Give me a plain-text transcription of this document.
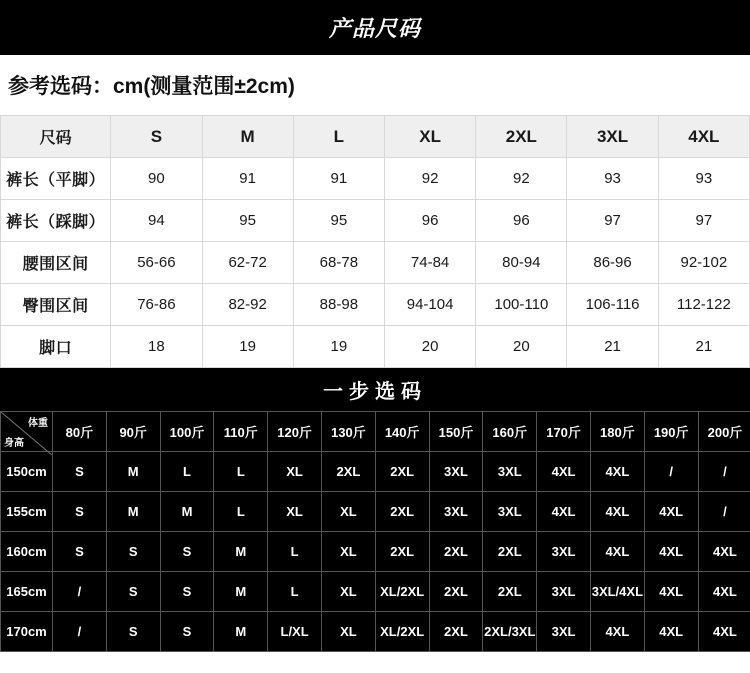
产品尺码
参考选码： cm(测量范围±2cm)
尺码	S	M	L	XL	2XL	3XL	4XL
裤长（平脚）	90	91	91	92	92	93	93
裤长（踩脚）	94	95	95	96	96	97	97
腰围区间	56-66	62-72	68-78	74-84	80-94	86-96	92-102
臀围区间	76-86	82-92	88-98	94-104	100-110	106-116	112-122
脚口	18	19	19	20	20	21	21
一步选码
体重
身高	80斤	90斤	100斤	110斤	120斤	130斤	140斤	150斤	160斤	170斤	180斤	190斤	200斤
150cm	S	M	L	L	XL	2XL	2XL	3XL	3XL	4XL	4XL	/	/
155cm	S	M	M	L	XL	XL	2XL	3XL	3XL	4XL	4XL	4XL	/
160cm	S	S	S	M	L	XL	2XL	2XL	2XL	3XL	4XL	4XL	4XL
165cm	/	S	S	M	L	XL	XL/2XL	2XL	2XL	3XL	3XL/4XL	4XL	4XL
170cm	/	S	S	M	L/XL	XL	XL/2XL	2XL	2XL/3XL	3XL	4XL	4XL	4XL
